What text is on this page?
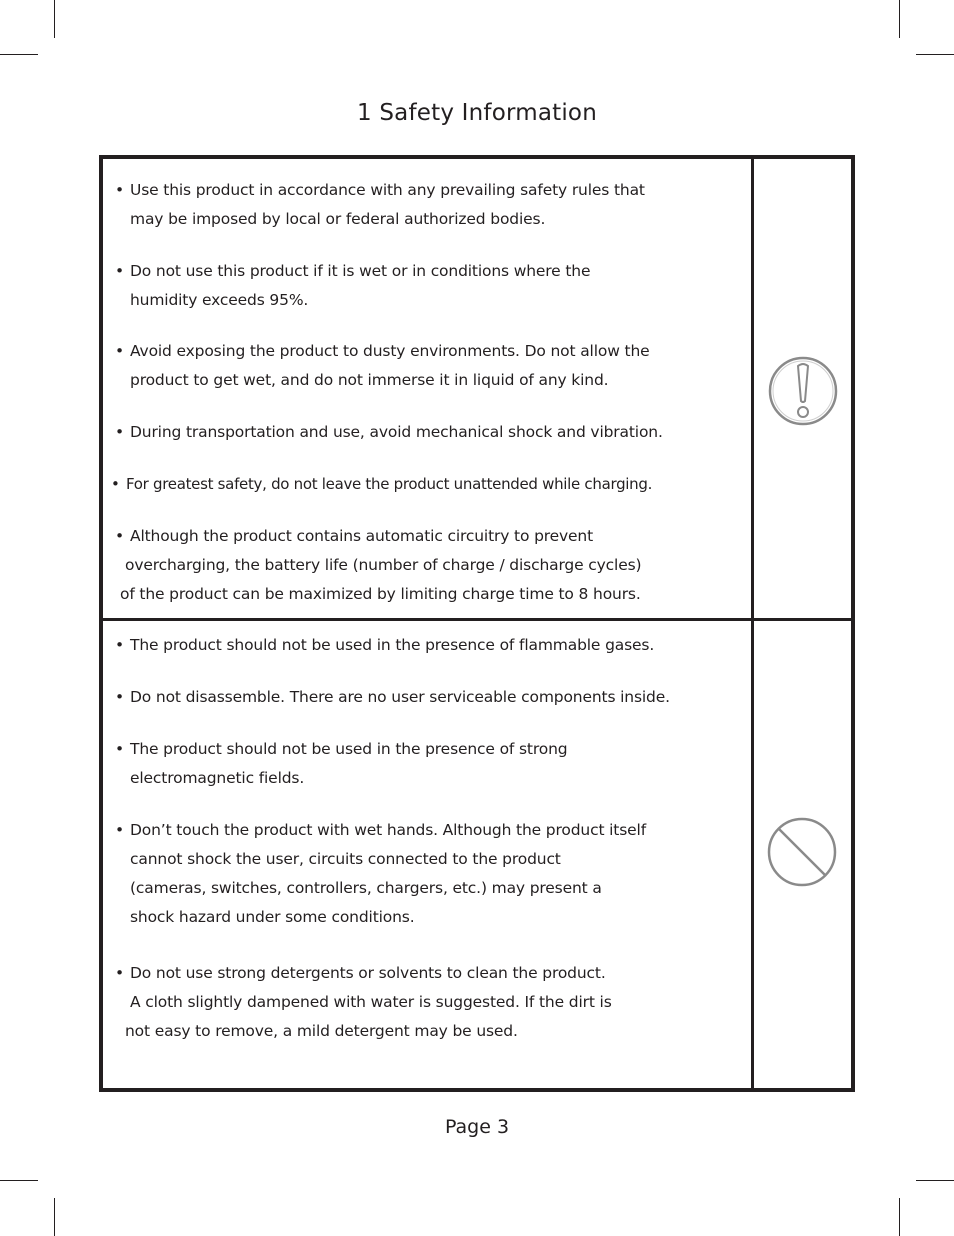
1 Safety Information

• Use this product in accordance with any prevailing safety rules that
may be imposed by local or federal authorized bodies.

• Do not use this product if it is wet or in conditions where the
humidity exceeds 95%.

• Avoid exposing the product to dusty environments. Do not allow the
product to get wet, and do not immerse it in liquid of any kind.

• During transportation and use, avoid mechanical shock and vibration.

• For greatest safety, do not leave the product unattended while charging.

• Although the product contains automatic circuitry to prevent
overcharging, the battery life (number of charge / discharge cycles)
of the product can be maximized by limiting charge time to 8 hours.

• The product should not be used in the presence of flammable gases.

• Do not disassemble. There are no user serviceable components inside.

• The product should not be used in the presence of strong
electromagnetic fields.

• Don’t touch the product with wet hands. Although the product itself
cannot shock the user, circuits connected to the product
(cameras, switches, controllers, chargers, etc.) may present a
shock hazard under some conditions.

• Do not use strong detergents or solvents to clean the product.
A cloth slightly dampened with water is suggested. If the dirt is
not easy to remove, a mild detergent may be used.

Page 3
